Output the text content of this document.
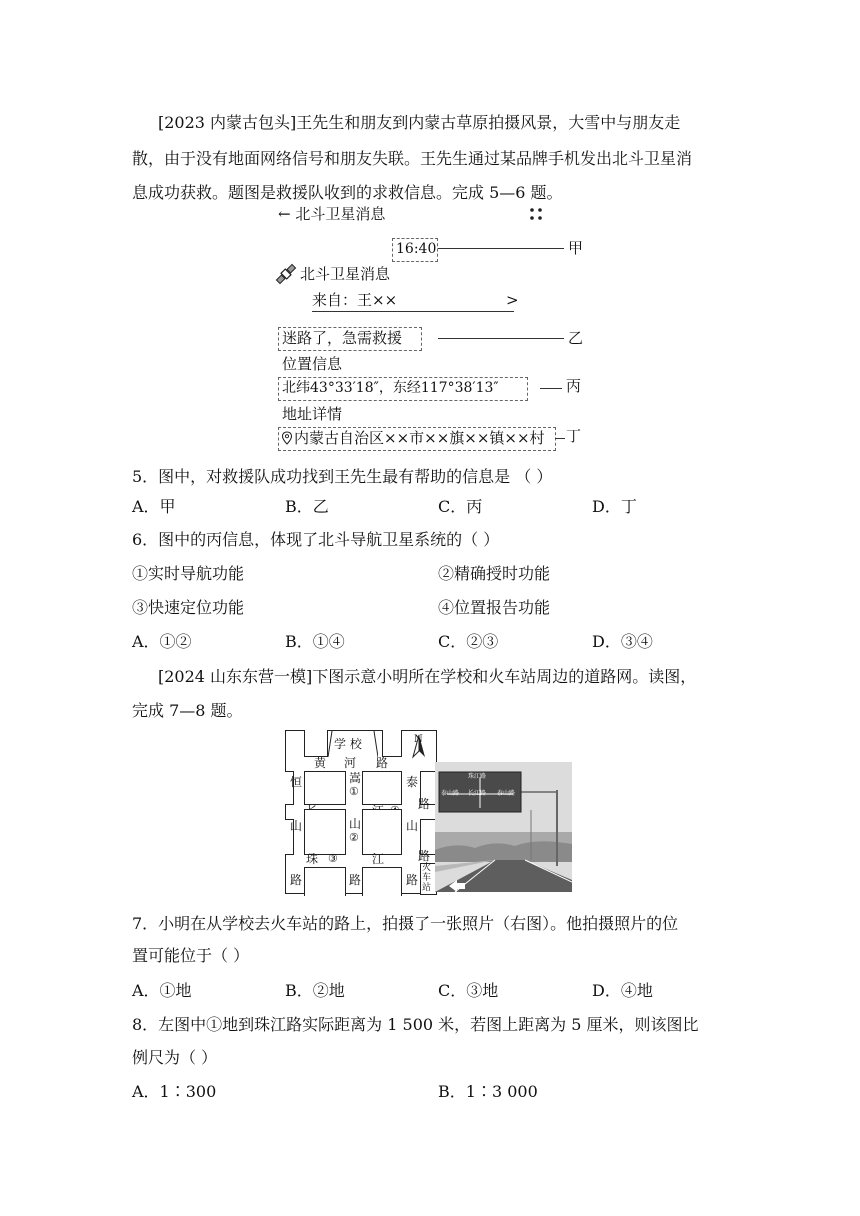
[2023 内蒙古包头]王先生和朋友到内蒙古草原拍摄风景，大雪中与朋友走
散，由于没有地面网络信号和朋友失联。王先生通过某品牌手机发出北斗卫星消
息成功获救。题图是救援队收到的求救信息。完成 5—6 题。
← 北斗卫星消息
16:40	甲
北斗卫星消息
来自：王××	>
迷路了，急需救援	乙
位置信息
北纬43°33′18″，东经117°38′13″	丙
地址详情
内蒙古自治区××市××旗××镇××村 丁
5．图中，对救援队成功找到王先生最有帮助的信息是 （ ）
A．甲	B．乙	C．丙	D．丁
6．图中的丙信息，体现了北斗导航卫星系统的（ ）
①实时导航功能	②精确授时功能
③快速定位功能	④位置报告功能
A．①②	B．①④	C．②③	D．③④
[2024 山东东营一模]下图示意小明所在学校和火车站周边的道路网。读图，
完成 7—8 题。
学 校	N
黄 河 路
恒	嵩
①
泰
路
山	山
②
山
珠 ③	江	路
路	路	路
火车站
珠江路
泰山路 长江路 泰山路
7．小明在从学校去火车站的路上，拍摄了一张照片（右图）。他拍摄照片的位
置可能位于（ ）
A．①地	B．②地	C．③地	D．④地
8．左图中①地到珠江路实际距离为 1 500 米，若图上距离为 5 厘米，则该图比
例尺为（ ）
A．1∶300	B．1∶3 000
